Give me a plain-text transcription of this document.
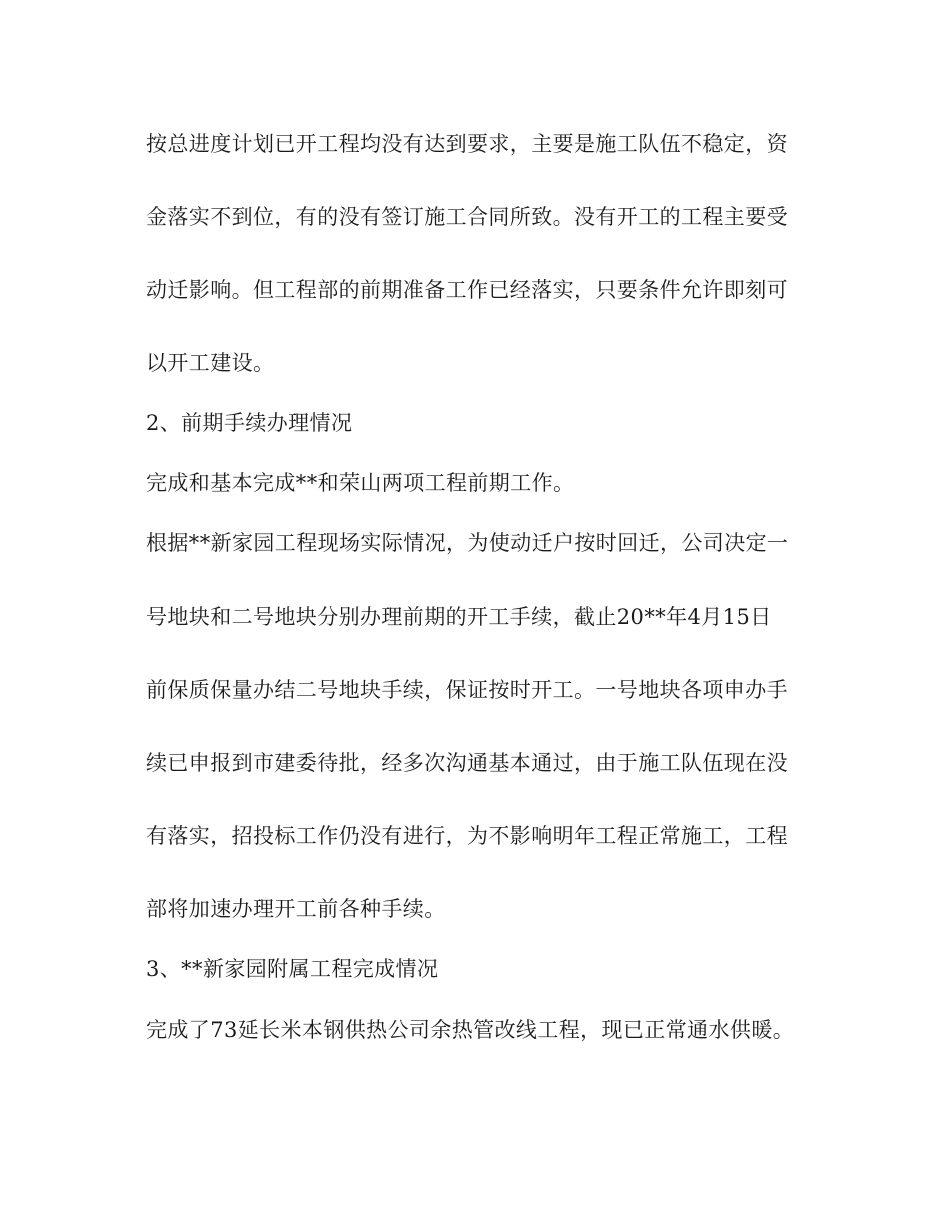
按总进度计划已开工程均没有达到要求，主要是施工队伍不稳定，资
金落实不到位，有的没有签订施工合同所致。没有开工的工程主要受
动迁影响。但工程部的前期准备工作已经落实，只要条件允许即刻可
以开工建设。
2、前期手续办理情况
完成和基本完成**和荣山两项工程前期工作。
根据**新家园工程现场实际情况，为使动迁户按时回迁，公司决定一
号地块和二号地块分别办理前期的开工手续，截止20**年4月15日
前保质保量办结二号地块手续，保证按时开工。一号地块各项申办手
续已申报到市建委待批，经多次沟通基本通过，由于施工队伍现在没
有落实，招投标工作仍没有进行，为不影响明年工程正常施工，工程
部将加速办理开工前各种手续。
3、**新家园附属工程完成情况
完成了73延长米本钢供热公司余热管改线工程，现已正常通水供暖。
